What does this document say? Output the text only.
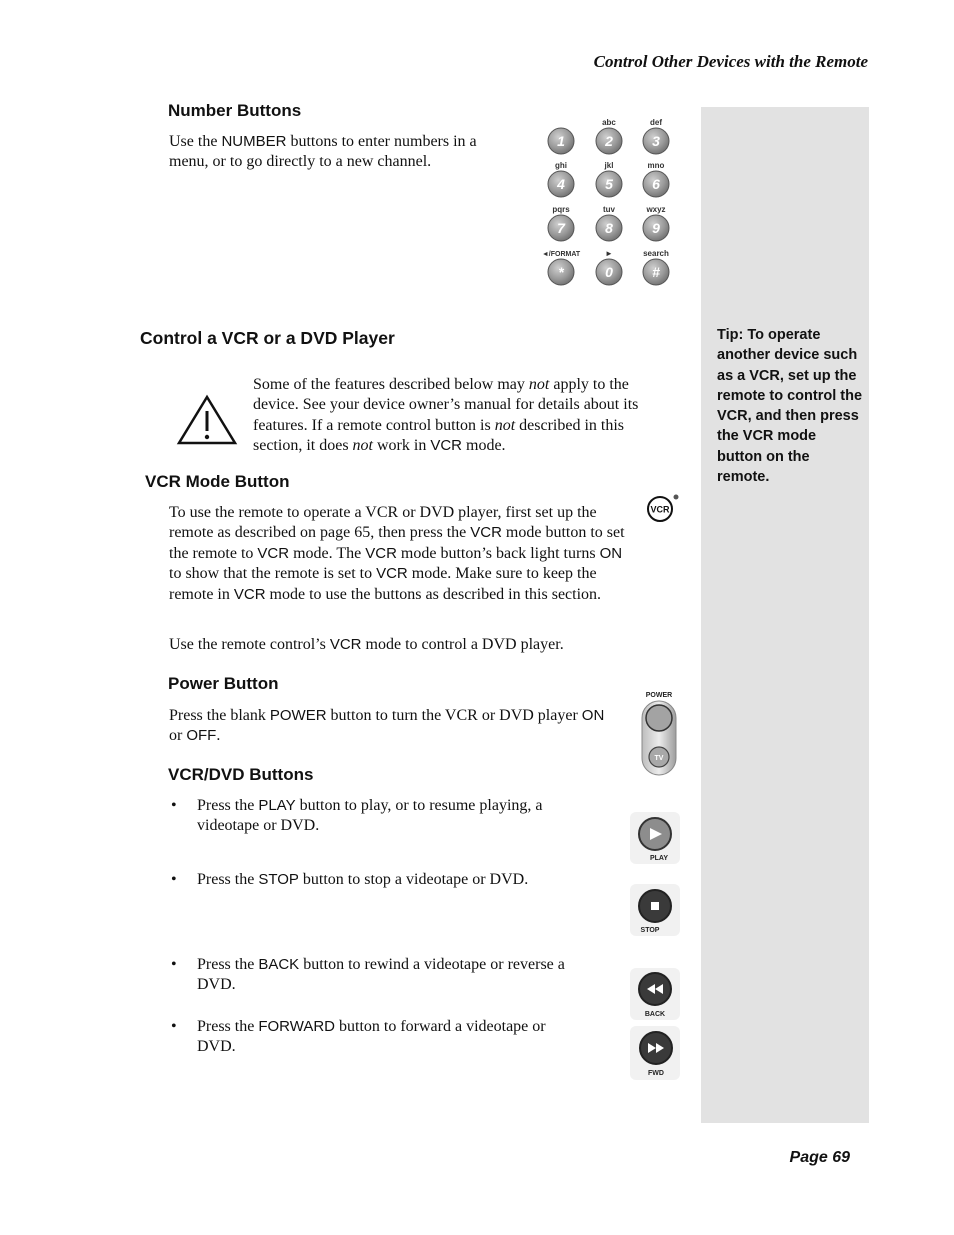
Control Other Devices with the Remote
Tip: To operate another device such as a VCR, set up the remote to control the VCR, and then press the VCR mode button on the remote.
Number Buttons

Use the NUMBER buttons to enter numbers in a menu, or to go directly to a new channel.

1
abc
2
def
3
ghi
4
jkl
5
mno
6
pqrs
7
tuv
8
wxyz
9
◄/FORMAT
*
►
0
search
#
Control a VCR or a DVD Player

Some of the features described below may not apply to the device. See your device owner’s manual for details about its features. If a remote control button is not described in this section, it does not work in VCR mode.

VCR Mode Button
VCR

To use the remote to operate a VCR or DVD player, first set up the remote as described on page 65, then press the VCR mode button to set the remote to VCR mode. The VCR mode button’s back light turns ON to show that the remote is set to VCR mode. Make sure to keep the remote in VCR mode to use the buttons as described in this section.

Use the remote control’s VCR mode to control a DVD player.

Power Button

Press the blank POWER button to turn the VCR or DVD player ON or OFF.

POWER
TV
VCR/DVD Buttons
• Press the PLAY button to play, or to resume playing, a
videotape or DVD.
• Press the STOP button to stop a videotape or DVD.
• Press the BACK button to rewind a videotape or reverse a
DVD.
• Press the FORWARD button to forward a videotape or
DVD.
PLAY
STOP
BACK
FWD
Page 69
